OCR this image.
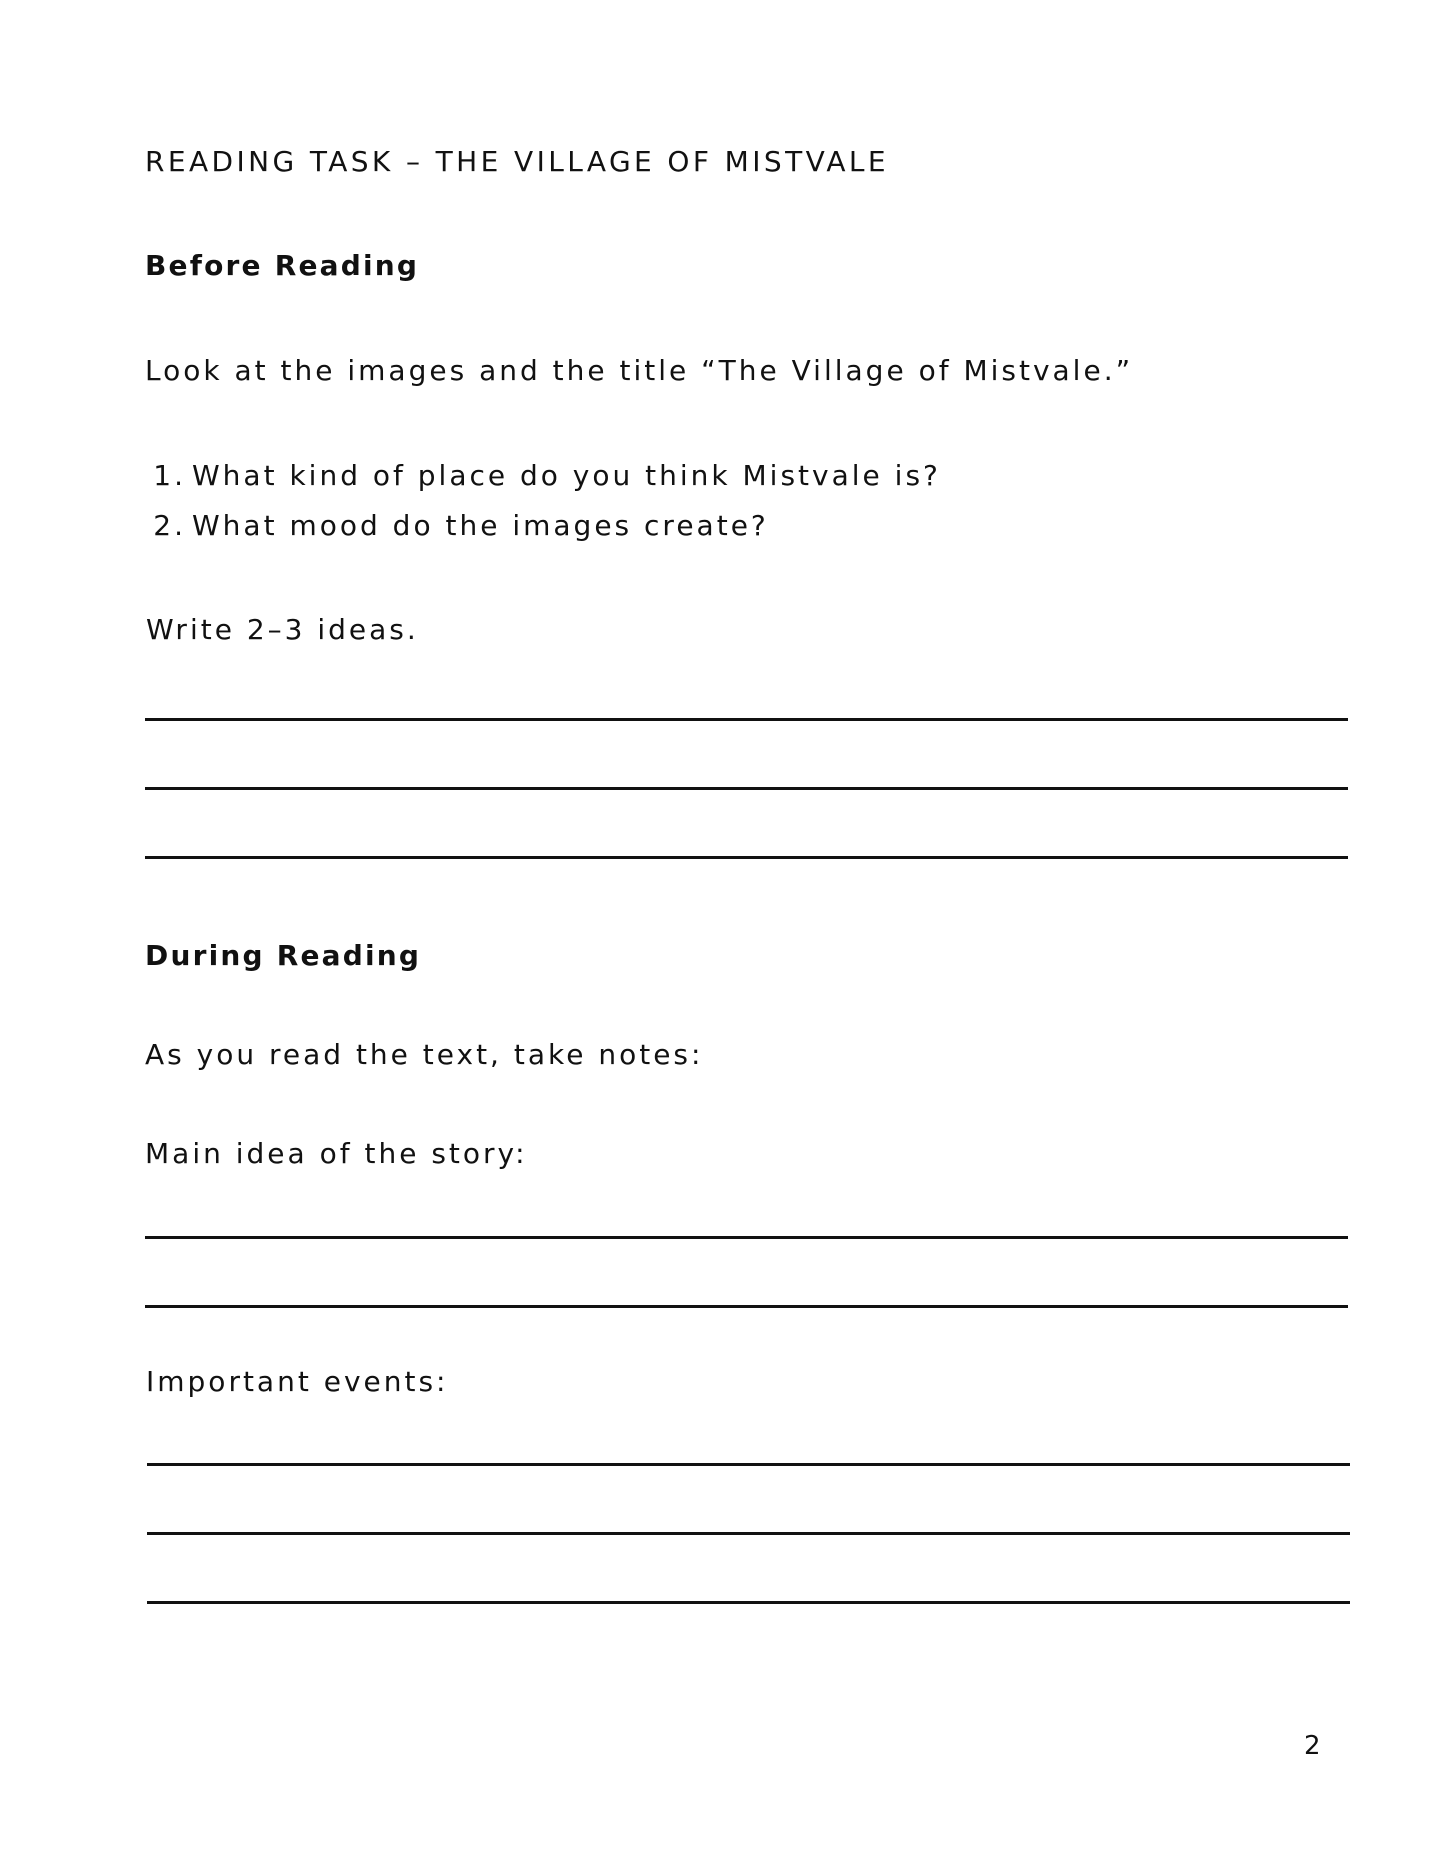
READING TASK – THE VILLAGE OF MISTVALE
Before Reading
Look at the images and the title “The Village of Mistvale.”
1. What kind of place do you think Mistvale is?
2. What mood do the images create?
Write 2–3 ideas.
During Reading
As you read the text, take notes:
Main idea of the story:
Important events:
2
